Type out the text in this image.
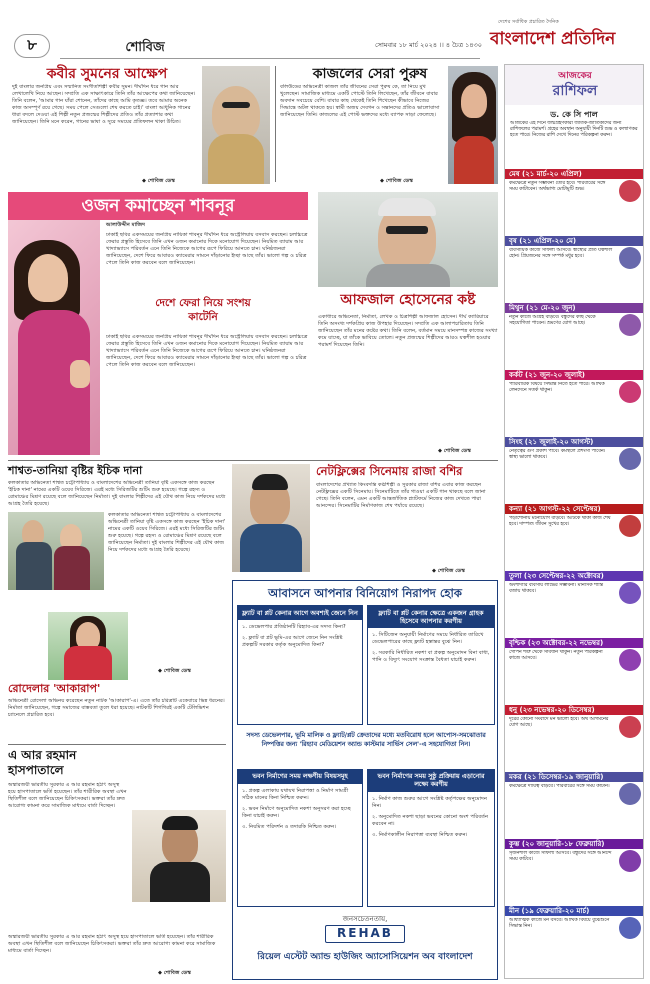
৮	শোবিজ	সোমবার ১৮ মার্চ ২০২৪ ।। ৪ চৈত্র ১৪৩০ বাংলাদেশ প্রতিদিন
দেশের সর্বাধিক প্রচারিত দৈনিক
কবীর সুমনের আক্ষেপ
দুই বাংলার জনপ্রিয় এবং সম্মানিত সংগীতশিল্পী কবীর সুমন। দীর্ঘদিন ধরে গান আর লেখালেখি নিয়ে আছেন। সম্প্রতি এক সাক্ষাৎকারে তিনি তাঁর আক্ষেপের কথা জানিয়েছেন। তিনি বলেন, 'আমার গান যাঁরা শোনেন, তাঁদের কাছে আমি কৃতজ্ঞ। তবে আমার অনেক কাজ অসম্পূর্ণ রয়ে গেছে। সময় পেলে সেগুলো শেষ করতে চাই।' বাংলা আধুনিক গানের ধারা বদলে দেওয়া এই শিল্পী নতুন প্রজন্মের শিল্পীদের প্রতিও তাঁর প্রত্যাশার কথা জানিয়েছেন। তিনি মনে করেন, গানের ভাষা ও সুরে সময়ের প্রতিফলন থাকা উচিত।
◆ শোবিজ ডেস্ক
কাজলের সেরা পুরুষ
বলিউডের অভিনেত্রী কাজল তাঁর জীবনের সেরা পুরুষ কে, তা নিয়ে মুখ খুলেছেন। সামাজিক মাধ্যমে একটি পোস্টে তিনি লিখেছেন, তাঁর জীবনে বাবার অবদান সবচেয়ে বেশি। বাবার কাছ থেকেই তিনি শিখেছেন কীভাবে নিজের সিদ্ধান্তে অটল থাকতে হয়। স্বামী অজয় দেবগন ও সন্তানদের প্রতিও ভালোবাসা জানিয়েছেন তিনি। কাজলের এই পোস্ট ভক্তদের মধ্যে ব্যাপক সাড়া ফেলেছে।
◆ শোবিজ ডেস্ক
আজকের
রাশিফল
ড. কে সি পাল
আজকের এই দিনে জন্মগ্রহণকারী জাতক-জাতিকাদের জন্য রাশিফলের পরামর্শ। গ্রহের অবস্থান অনুযায়ী দিনটি শুভ ও কল্যাণকর হতে পারে। নিজের রাশি দেখে দিনের পরিকল্পনা করুন।
মেষ (২১ মার্চ-২০ এপ্রিল)
কর্মক্ষেত্রে নতুন সম্ভাবনা তৈরি হবে। পরিবারের সঙ্গে সময় কাটাবেন। অর্থভাগ্য মোটামুটি শুভ।
বৃষ (২১ এপ্রিল-২০ মে)
ব্যবসায়িক কাজে সাফল্য আসবে। স্বাস্থ্যের প্রতি যত্নশীল হোন। প্রিয়জনের সঙ্গে সম্পর্ক মধুর হবে।
মিথুন (২১ মে-২০ জুন)
নতুন কাজে আগ্রহ বাড়বে। বন্ধুদের কাছ থেকে সহযোগিতা পাবেন। ভ্রমণের যোগ আছে।
কর্কট (২১ জুন-২০ জুলাই)
পারিবারিক বিষয়ে সিদ্ধান্ত নিতে হতে পারে। আর্থিক লেনদেনে সতর্ক থাকুন।
সিংহ (২১ জুলাই-২০ আগস্ট)
নেতৃত্বের গুণ প্রকাশ পাবে। কর্মস্থলে প্রশংসা পাবেন। স্বাস্থ্য ভালো থাকবে।
কন্যা (২১ আগস্ট-২২ সেপ্টেম্বর)
পড়াশোনায় মনোযোগ বাড়বে। আটকে থাকা কাজ শেষ হবে। দাম্পত্য জীবন সুখের হবে।
তুলা (২৩ সেপ্টেম্বর-২২ অক্টোবর)
অংশীদারি ব্যবসায় লাভের সম্ভাবনা। মানসিক শান্তি বজায় থাকবে।
বৃশ্চিক (২৩ অক্টোবর-২২ নভেম্বর)
গোপন শত্রু থেকে সাবধান থাকুন। নতুন পরিকল্পনা কাজে আসবে।
ধনু (২৩ নভেম্বর-২০ ডিসেম্বর)
দূরের কোনো সংবাদে মন ভালো হবে। অর্থ আগমনের যোগ আছে।
মকর (২১ ডিসেম্বর-১৯ জানুয়ারি)
কর্মক্ষেত্রে দায়িত্ব বাড়বে। পরিবারের সঙ্গে সময় কাটান।
কুম্ভ (২০ জানুয়ারি-১৮ ফেব্রুয়ারি)
সৃজনশীল কাজে সাফল্য আসবে। বন্ধুদের সঙ্গে আনন্দে সময় কাটবে।
মীন (১৯ ফেব্রুয়ারি-২০ মার্চ)
আধ্যাত্মিক কাজে মন বসবে। আর্থিক বিষয়ে বুঝেশুনে সিদ্ধান্ত নিন।
ওজন কমাচ্ছেন শাবনূর
আলাউদ্দীন মাজিদ
ঢাকাই ছবির একসময়ের জনপ্রিয় নায়িকা শাবনূর দীর্ঘদিন ধরে অস্ট্রেলিয়ায় বসবাস করছেন। চলচ্চিত্রে ফেরার প্রস্তুতি হিসেবে তিনি এখন ওজন কমানোর দিকে মনোযোগ দিয়েছেন। নিয়মিত ব্যায়াম আর খাদ্যাভ্যাসে পরিবর্তন এনে তিনি নিজেকে আগের রূপে ফিরিয়ে আনতে চান। ঘনিষ্ঠজনরা জানিয়েছেন, দেশে ফিরে আবারও ক্যামেরার সামনে দাঁড়ানোর ইচ্ছা আছে তাঁর। ভালো গল্প ও চরিত্র পেলে তিনি কাজ করবেন বলে জানিয়েছেন।
দেশে ফেরা নিয়ে সংশয় কাটেনি
ঢাকাই ছবির একসময়ের জনপ্রিয় নায়িকা শাবনূর দীর্ঘদিন ধরে অস্ট্রেলিয়ায় বসবাস করছেন। চলচ্চিত্রে ফেরার প্রস্তুতি হিসেবে তিনি এখন ওজন কমানোর দিকে মনোযোগ দিয়েছেন। নিয়মিত ব্যায়াম আর খাদ্যাভ্যাসে পরিবর্তন এনে তিনি নিজেকে আগের রূপে ফিরিয়ে আনতে চান। ঘনিষ্ঠজনরা জানিয়েছেন, দেশে ফিরে আবারও ক্যামেরার সামনে দাঁড়ানোর ইচ্ছা আছে তাঁর। ভালো গল্প ও চরিত্র পেলে তিনি কাজ করবেন বলে জানিয়েছেন।
আফজাল হোসেনের কষ্ট
একাধারে অভিনেতা, নির্মাতা, লেখক ও চিত্রশিল্পী আফজাল হোসেন। দীর্ঘ ক্যারিয়ারে তিনি অসংখ্য দর্শকপ্রিয় কাজ উপহার দিয়েছেন। সম্প্রতি এক আলাপচারিতায় তিনি জানিয়েছেন তাঁর মনের কষ্টের কথা। তিনি বলেন, বর্তমান সময়ে মানসম্পন্ন কাজের সংখ্যা কমে যাচ্ছে, যা তাঁকে ভাবিয়ে তোলে। নতুন প্রজন্মের শিল্পীদের আরও যত্নশীল হওয়ার পরামর্শ দিয়েছেন তিনি।
◆ শোবিজ ডেস্ক
শাশ্বত-তানিয়া বৃষ্টির ইচিক দানা
কলকাতার অভিনেতা শাশ্বত চট্টোপাধ্যায় ও বাংলাদেশের অভিনেত্রী তানিয়া বৃষ্টি একসঙ্গে কাজ করছেন 'ইচিক দানা' নামের একটি ওয়েব সিরিজে। এরই মধ্যে সিরিজটির শুটিং শুরু হয়েছে। গল্পে রহস্য ও রোমাঞ্চের মিশ্রণ রয়েছে বলে জানিয়েছেন নির্মাতা। দুই বাংলার শিল্পীদের এই যৌথ কাজ নিয়ে দর্শকদের মধ্যে আগ্রহ তৈরি হয়েছে।
কলকাতার অভিনেতা শাশ্বত চট্টোপাধ্যায় ও বাংলাদেশের অভিনেত্রী তানিয়া বৃষ্টি একসঙ্গে কাজ করছেন 'ইচিক দানা' নামের একটি ওয়েব সিরিজে। এরই মধ্যে সিরিজটির শুটিং শুরু হয়েছে। গল্পে রহস্য ও রোমাঞ্চের মিশ্রণ রয়েছে বলে জানিয়েছেন নির্মাতা। দুই বাংলার শিল্পীদের এই যৌথ কাজ নিয়ে দর্শকদের মধ্যে আগ্রহ তৈরি হয়েছে।
◆ শোবিজ ডেস্ক
নেটফ্লিক্সের সিনেমায় রাজা বশির
বাংলাদেশের প্রখ্যাত কিংবদন্তি কণ্ঠশিল্পী ও সুরকার রাজা বশির এবার কাজ করছেন নেটফ্লিক্সের একটি সিনেমায়। সিনেমাটিতে তাঁর গাওয়া একটি গান থাকছে বলে জানা গেছে। তিনি বলেন, এমন একটি আন্তর্জাতিক প্ল্যাটফর্মে নিজের কাজ দেখতে পারা আনন্দের। সিনেমাটির নির্মাণকাজ শেষ পর্যায়ে রয়েছে।
◆ শোবিজ ডেস্ক
রোদেলার 'আকারাপ'
অভিনেত্রী রোদেলা অভিনয় করেছেন নতুন নাটক 'আকারাপ'-এ। এতে তাঁর চরিত্রটি একেবারে ভিন্ন ধরনের। নির্মাতা জানিয়েছেন, গল্পে সমাজের বাস্তবতা তুলে ধরা হয়েছে। নাটকটি শিগগিরই একটি টেলিভিশন চ্যানেলে প্রচারিত হবে।
এ আর রহমান হাসপাতালে
অস্কারজয়ী ভারতীয় সুরকার এ আর রহমান হঠাৎ অসুস্থ হয়ে হাসপাতালে ভর্তি হয়েছেন। তাঁর শারীরিক অবস্থা এখন স্থিতিশীল বলে জানিয়েছেন চিকিৎসকরা। ভক্তরা তাঁর দ্রুত আরোগ্য কামনা করে সামাজিক মাধ্যমে বার্তা দিচ্ছেন।
অস্কারজয়ী ভারতীয় সুরকার এ আর রহমান হঠাৎ অসুস্থ হয়ে হাসপাতালে ভর্তি হয়েছেন। তাঁর শারীরিক অবস্থা এখন স্থিতিশীল বলে জানিয়েছেন চিকিৎসকরা। ভক্তরা তাঁর দ্রুত আরোগ্য কামনা করে সামাজিক মাধ্যমে বার্তা দিচ্ছেন।
◆ শোবিজ ডেস্ক
আবাসনে আপনার বিনিয়োগ নিরাপদ হোক
ফ্ল্যাট বা প্লট কেনার আগে অবশ্যই জেনে নিন
১. ডেভেলপার প্রতিষ্ঠানটি রিহ্যাব-এর সদস্য কিনা?
২. ফ্ল্যাট বা প্লট ভূমি-এর আগে জেনে নিন সংশ্লিষ্ট প্রকল্পটি সরকার কর্তৃক অনুমোদিত কিনা?
ফ্ল্যাট বা প্লট কেনার ক্ষেত্রে একজন গ্রাহক হিসেবে আপনার করণীয়
১. সিটিজেন অনুযায়ী নির্মাণের সময়ে নির্ধারিত তারিখে ডেভেলপারের কাছে ফ্ল্যাট হস্তান্তর বুঝে নিন।
২. সরকারি নির্ধারিত নকশা বা প্রকল্প অনুমোদন বিনা বাধা, পানি ও বিদ্যুৎ সংযোগ সংক্রান্ত বৈধতা যাচাই করুন।
সদস্য ডেভেলপার, ভূমি মালিক ও ফ্ল্যাট/প্লট ক্রেতাদের মধ্যে মতবিরোধ হলে আপোস-সমঝোতার নিষ্পত্তির জন্য 'রিহ্যাব মেডিয়েশন অ্যান্ড কাস্টমার সার্ভিস সেল'-এ সহযোগিতা নিন।
ভবন নির্মাণের সময় লক্ষণীয় বিষয়সমূহ
১. প্রকল্প এলাকায় যথাযথ নিরাপত্তা ও নির্মাণ সামগ্রী সঠিক মানের কিনা নিশ্চিত করুন।
২. ভবন নির্মাণে অনুমোদিত নকশা অনুসরণ করা হচ্ছে কিনা যাচাই করুন।
৩. নিয়মিত পরিদর্শন ও তদারকি নিশ্চিত করুন।
ভবন নির্মাণের সময় সুষ্ঠু প্রক্রিয়ায় এড়ানোর লক্ষ্যে করণীয়
১. নির্মাণ কাজ শুরুর আগে সংশ্লিষ্ট কর্তৃপক্ষের অনুমোদন নিন।
২. অনুমোদিত নকশা ছাড়া ভবনের কোনো অংশ পরিবর্তন করবেন না।
৩. নির্মাণকালীন নিরাপত্তা ব্যবস্থা নিশ্চিত করুন।
জনসচেতনতায়,
REHAB
রিয়েল এস্টেট অ্যান্ড হাউজিং অ্যাসোসিয়েশন অব বাংলাদেশ
